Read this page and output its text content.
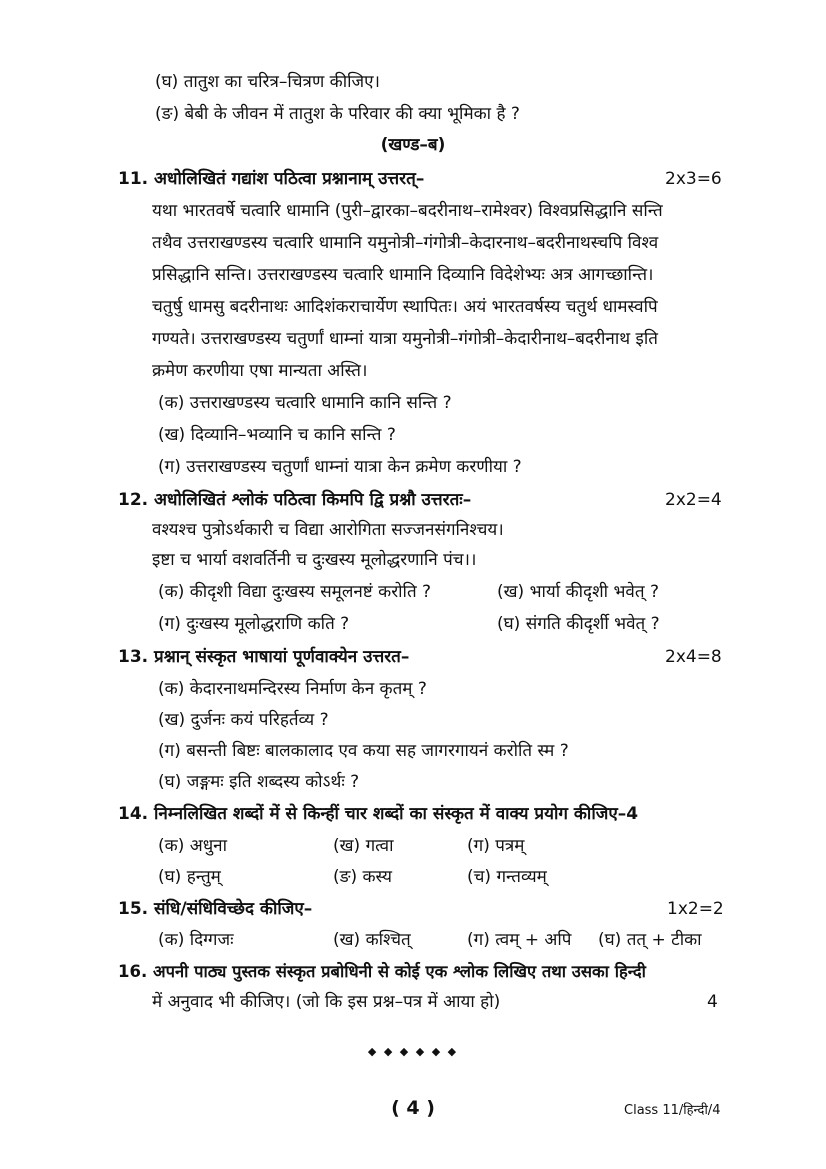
(घ) तातुश का चरित्र–चित्रण कीजिए।
(ङ) बेबी के जीवन में तातुश के परिवार की क्या भूमिका है ?
(खण्ड–ब)
11. अधोलिखितं गद्यांश पठित्वा प्रश्नानाम् उत्तरत्–	2x3=6
यथा भारतवर्षे चत्वारि धामानि (पुरी–द्वारका–बदरीनाथ–रामेश्वर) विश्वप्रसिद्धानि सन्ति
तथैव उत्तराखण्डस्य चत्वारि धामानि यमुनोत्री–गंगोत्री–केदारनाथ–बदरीनाथस्चपि विश्व
प्रसिद्धानि सन्ति। उत्तराखण्डस्य चत्वारि धामानि दिव्यानि विदेशेभ्यः अत्र आगच्छान्ति।
चतुर्षु धामसु बदरीनाथः आदिशंकराचार्येण स्थापितः। अयं भारतवर्षस्य चतुर्थ धामस्वपि
गण्यते। उत्तराखण्डस्य चतुर्णां धाम्नां यात्रा यमुनोत्री–गंगोत्री–केदारीनाथ–बदरीनाथ इति
क्रमेण करणीया एषा मान्यता अस्ति।
(क) उत्तराखण्डस्य चत्वारि धामानि कानि सन्ति ?
(ख) दिव्यानि–भव्यानि च कानि सन्ति ?
(ग) उत्तराखण्डस्य चतुर्णां धाम्नां यात्रा केन क्रमेण करणीया ?
12. अधोलिखितं श्लोकं पठित्वा किमपि द्वि प्रश्नौ उत्तरतः–	2x2=4
वश्यश्च पुत्रोऽर्थकारी च विद्या आरोगिता सज्जनसंगनिश्चय।
इष्टा च भार्या वशवर्तिनी च दुःखस्य मूलोद्धरणानि पंच।।
(क) कीदृशी विद्या दुःखस्य समूलनष्टं करोति ?	(ख) भार्या कीदृशी भवेत् ?
(ग) दुःखस्य मूलोद्धराणि कति ?	(घ) संगति कीदृर्शी भवेत् ?
13. प्रश्नान् संस्कृत भाषायां पूर्णवाक्येन उत्तरत–	2x4=8
(क) केदारनाथमन्दिरस्य निर्माण केन कृतम् ?
(ख) दुर्जनः कयं परिहर्तव्य ?
(ग) बसन्ती बिष्टः बालकालाद एव कया सह जागरगायनं करोति स्म ?
(घ) जङ्गमः इति शब्दस्य कोऽर्थः ?
14. निम्नलिखित शब्दों में से किन्हीं चार शब्दों का संस्कृत में वाक्य प्रयोग कीजिए–4
(क) अधुना	(ख) गत्वा	(ग) पत्रम्
(घ) हन्तुम्	(ङ) कस्य	(च) गन्तव्यम्
15. संधि/संधिविच्छेद कीजिए–	1x2=2
(क) दिग्गजः	(ख) कश्चित्	(ग) त्वम् + अपि (घ) तत् + टीका
16. अपनी पाठ्य पुस्तक संस्कृत प्रबोधिनी से कोई एक श्लोक लिखिए तथा उसका हिन्दी
में अनुवाद भी कीजिए। (जो कि इस प्रश्न–पत्र में आया हो)	4
◆ ◆ ◆ ◆ ◆ ◆
( 4 )	Class 11/हिन्दी/4
